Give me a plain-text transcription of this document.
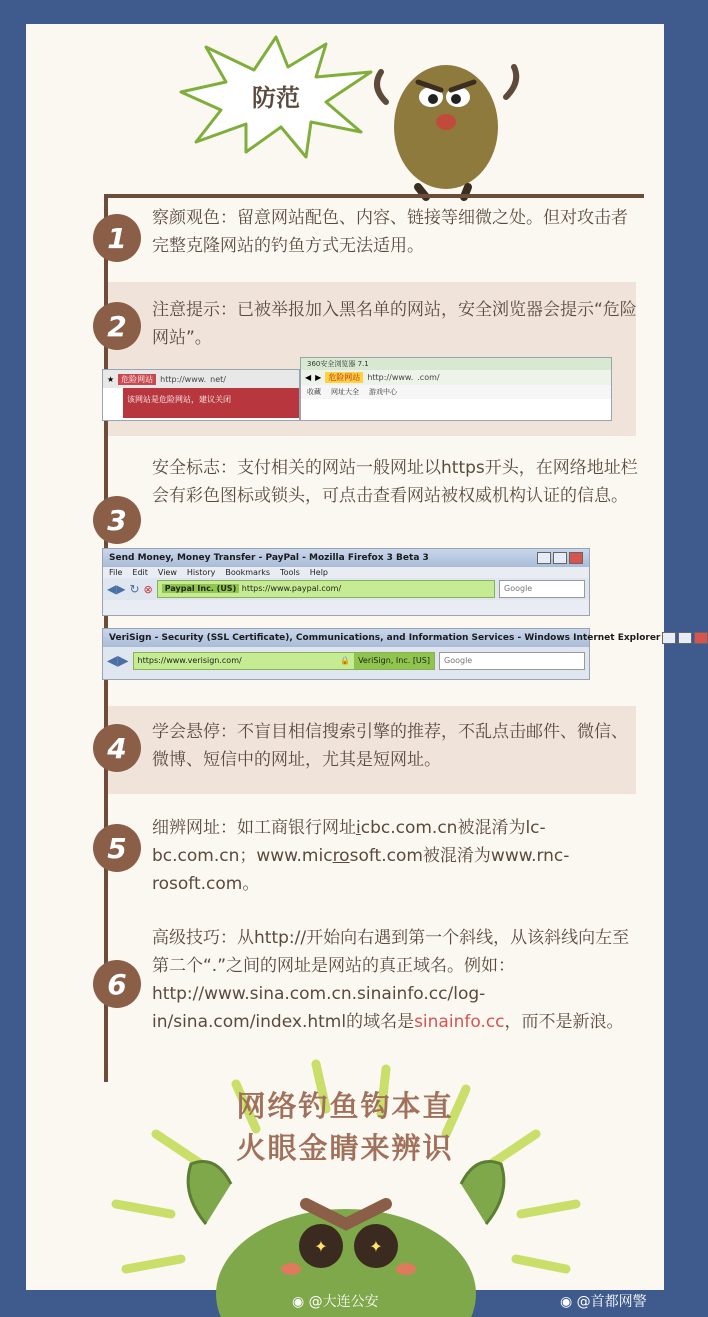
防范
1
察颜观色：留意网站配色、内容、链接等细微之处。但对攻击者完整克隆网站的钓鱼方式无法适用。
2	注意提示：已被举报加入黑名单的网站，安全浏览器会提示“危险网站”。
★ 危险网站 http://www. net/
该网站是危险网站，建议关闭
360安全浏览器 7.1
◀ ▶ 危险网站 http://www. .com/
收藏 网址大全 游戏中心
3
安全标志：支付相关的网站一般网址以https开头，在网络地址栏会有彩色图标或锁头，可点击查看网站被权威机构认证的信息。
Send Money, Money Transfer - PayPal - Mozilla Firefox 3 Beta 3
File Edit View History Bookmarks Tools Help
◀▶ ↻ ⊗	Paypal Inc. (US) https://www.paypal.com/	Google
VeriSign - Security (SSL Certificate), Communications, and Information Services - Windows Internet Explorer
◀▶	https://www.verisign.com/	VeriSign, Inc. [US]
🔒	Google
4	学会悬停：不盲目相信搜索引擎的推荐，不乱点击邮件、微信、微博、短信中的网址，尤其是短网址。
5
细辨网址：如工商银行网址icbc.com.cn被混淆为lc-bc.com.cn；www.microsoft.com被混淆为www.rnc-rosoft.com。
6
高级技巧：从http://开始向右遇到第一个斜线，从该斜线向左至第二个“.”之间的网址是网站的真正域名。例如：http://www.sina.com.cn.sinainfo.cc/log-in/sina.com/index.html的域名是sinainfo.cc，而不是新浪。
✦	✦
网络钓鱼钩本直
火眼金睛来辨识
◉ @大连公安	◉ @首都网警
